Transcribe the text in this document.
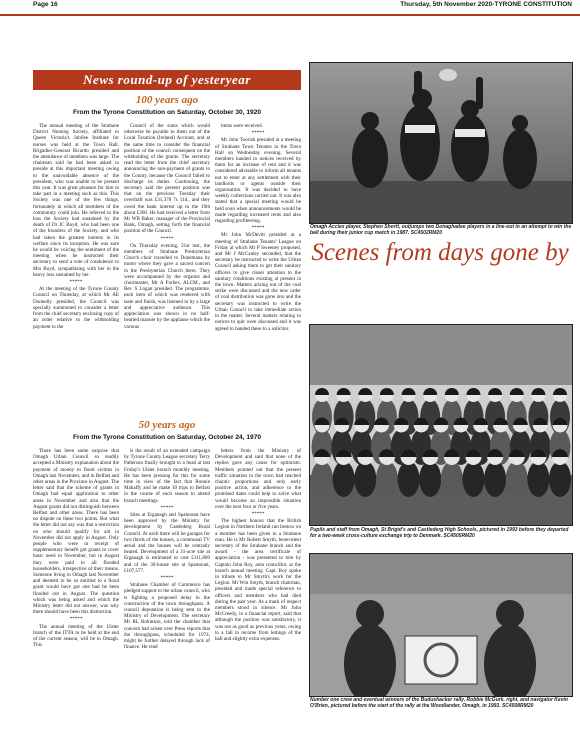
Page 16	Thursday, 5th November 2020-TYRONE CONSTITUTION
News round-up of yesteryear
100 years ago
From the Tyrone Constitution on Saturday, October 30, 1920

The annual meeting of the Strabane District Nursing Society, affiliated to Queen Victoria's Jubilee Institute for nurses was held at the Town Hall. Brigadier-General Ricardo presided and the attendance of members was large. The chairman said he had been asked to preside at this important meeting owing to the unavoidable absence of the president, who was unable to be present this year. It was great pleasure for him to take part in a meeting such as this. This Society was one of the few things, fortunately in which all members of the community could join. He referred to the loss the Society had sustained by the death of Dr JC Boyd, who had been one of the founders of the Society, and who had taken the greatest interest in its welfare since its inception. He was sure he would be voicing the sentiment of the meeting when he instructed their secretary to send a vote of condolence to Mrs Boyd, sympathising with her in the heavy loss sustained by her.

*****

At the meeting of the Tyrone County Council on Thursday, at which Mr AE Donnelly presided, the Council was specially summoned to consider a letter from the chief secretary enclosing copy of an order relative to the withholding payment to the

Council of the sums which would otherwise be payable to them out of the Local Taxation (Ireland) Account, and at the same time to consider the financial position of the council consequent on the withholding of the grants. The secretary read the letter from the chief secretary announcing the non-payment of grants to the County, because the Council failed to discharge its duties. Continuing, the secretary said the present position was that on the previous Tuesday their overdraft was £31,378 7s 11d., and they owed the bank interest up to the 19th about £360. He had received a letter from Mr WB Baker, manager of the Provincial Bank, Omagh, setting forth the financial position of the Council.

*****

On Thursday evening, 21st inst, the members of Strabane Presbyterian Church choir travelled to Donemana by motor where they gave a sacred concert in the Presbyterian Church there. They were accompanied by the organist and choirmaster, Mr A Forbes, ALCM., and Rev S Logan presided. The programme, each item of which was rendered with taste and finish, was listened to by a large and appreciative audience. This appreciation was shown in no half-hearted manner by the applause which the various

items were received.

*****

Mr John Toorish presided at a meeting of Strabane Town Tenants in the Town Hall on Wednesday evening. Several members handed in notices received by them for an increase of rent and it was considered advisable to inform all tenants not to enter at any settlement with their landlords or agents outside their organisation. It was decided to have weekly collections carried out. It was also stated that a special meeting would be held soon when announcements would be made regarding increased rents and also regarding profiteering.

*****

Mr John McDevitt presided at a meeting of Strabane Tenants' League on Friday at which Mr P Sweeney proposed, and Mr J McCauley seconded, that the secretary be instructed to write the Urban Council asking them to get their sanitary officers to give closer attention to the sanitary conditions existing at present in the town. Matters arising out of the coal strike were discussed and the new order of coal distribution was gone into and the secretary was instructed to write the Urban Council to take immediate action in the matter. Several matters relating to notices to quit were discussed and it was agreed to handed these to a solicitor.

50 years ago
From the Tyrone Constitution on Saturday, October 24, 1970

There has been some surprise that Omagh Urban Council so readily accepted a Ministry explanation about the payment of money to flood victims in Omagh last November, and in Belfast and other areas in the Province in August. The letter said that the scheme of grants in Omagh had equal application to other areas in November and also that the August grants did not distinguish between Belfast and other areas. There has been no dispute on these two points. But what the letter did not say was that a restriction on who should qualify for aid in November did not apply in August. Only people who were in receipt of supplementary benefit got grants to cover basic need in November, but in August they were paid to all flooded householders, irrespective of their means. Someone living in Omagh last November and deemed to be so entitled to a flood grant would have got one had he been flooded out in August. The question which was being asked and which the Ministry letter did not answer, was why there should have been this distinction.

*****

The annual meeting of the Ulster branch of the ITTA to be held at the end of the current season, will be in Omagh. This

is the result of an extended campaign by Tyrone County League secretary Terry Patterson finally brought to a head at last Friday's Ulster branch monthly meeting. He has been pressing for this for some time in view of the fact that Ronnie Mahaffy and he make 10 trips to Belfast in the course of each season to attend branch meetings.

*****

Sites at Erganagh and Spamount have been approved by the Ministry for development by Castlederg Rural Council. At each there will be garages for two thirds of the houses, a communal TV aerial and the houses will be centrally heated. Development of a 31-acre site at Erganagh is estimated to cost £111,800 and of the 30-house site at Spamount, £107,577.

*****

Strabane Chamber of Commerce has pledged support to the urban council, who is fighting a proposed delay in the construction of the town throughpass. A council deputation is being sent to the Ministry of Development. The secretary Mr RL Robinson, told the chamber that concern had arisen over Press reports that the throughpass, scheduled for 1974, might be further delayed through lack of finance. He read

letters from the Ministry of Development and said that none of the replies gave any cause for optimism. Members pointed out that the present traffic situation in the town had reached chaotic proportions and only early positive action, and adherence to the promised dates could help to solve what would become an impossible situation over the next four or five years.

*****

The highest honour that the British Legion in Northern Ireland can bestow on a member has been given to a Strabane man. He is Mr Robert Smyth, benevolent secretary of the Strabane branch and the award - the area certificate of appreciation - was presented to him by Captain John Roy, area councillor, at the branch annual meeting. Capt. Roy spoke in tribute to Mr Smyth's work for the Legion. Mr Wm Smyth, branch chairman, presided and made special reference to officers and members who had died during the past year. As a mark of respect members stood in silence. Mr John McCreedy, in a financial report, said that although the position was satisfactory, it was not as good as previous years, owing to a fall in income from lettings of the hall and slightly extra expenses.

Omagh Accies player, Stephen Shortt, outjumps two Donaghadee players in a line-out in an attempt to win the ball during their junior cup match in 1987. SC4502RM20
Scenes from days gone by
Pupils and staff from Omagh, St Brigid's and Castlederg High Schools, pictured in 1993 before they departed for a two-week cross-culture exchange trip to Denmark. SC4505RM20
Number one crew and eventual winners of the Budushacker rally, Robbie McGurk, right, and navigator Kevin O'Brien, pictured before the start of the rally at the Woodlander, Omagh, in 1993. SC4508RM20
